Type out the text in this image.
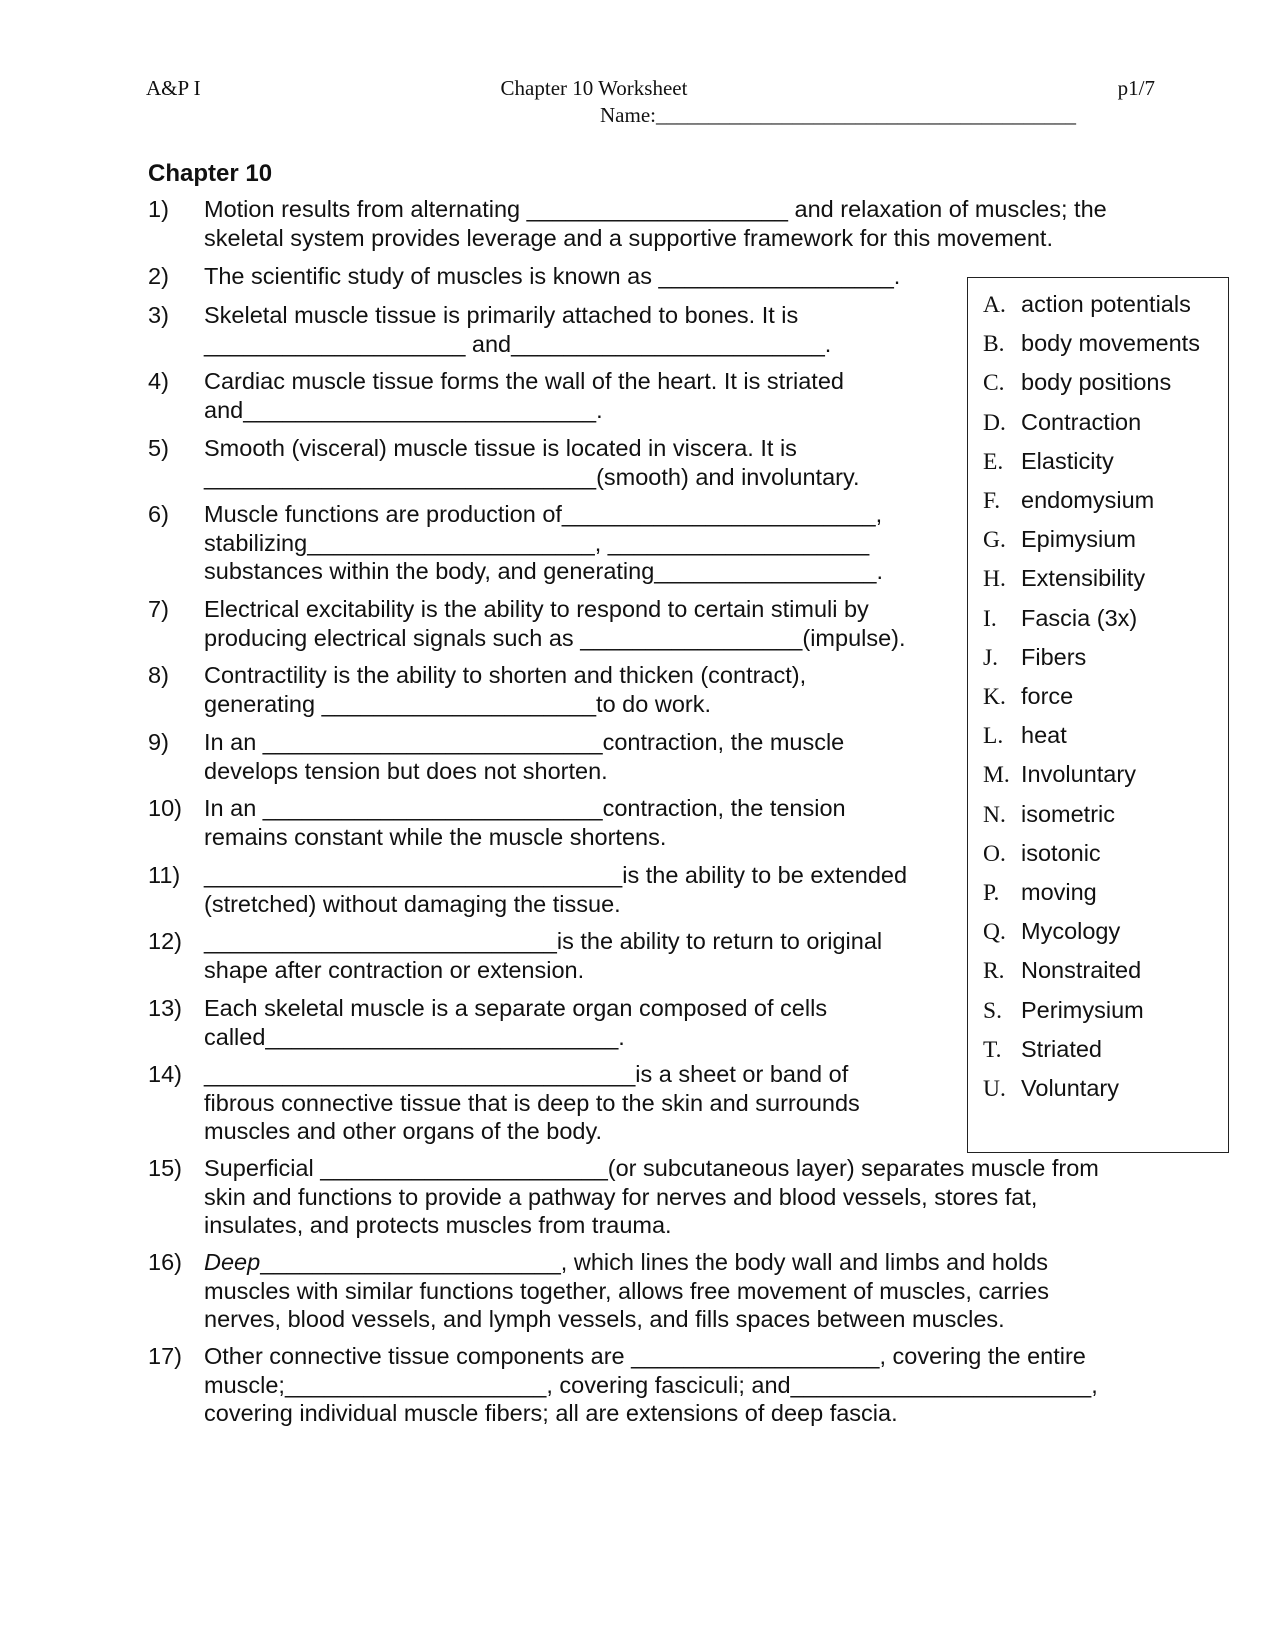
A&P I	Chapter 10 Worksheet	p1/7
Name:________________________________________
Chapter 10
1)	Motion results from alternating ____________________ and relaxation of muscles; the
skeletal system provides leverage and a supportive framework for this movement.
2)	The scientific study of muscles is known as __________________.
3)	Skeletal muscle tissue is primarily attached to bones. It is
____________________ and________________________.
4)	Cardiac muscle tissue forms the wall of the heart. It is striated
and___________________________.
5)	Smooth (visceral) muscle tissue is located in viscera. It is
______________________________(smooth) and involuntary.
6)	Muscle functions are production of________________________,
stabilizing______________________, ____________________
substances within the body, and generating_________________.
7)	Electrical excitability is the ability to respond to certain stimuli by
producing electrical signals such as _________________(impulse).
8)	Contractility is the ability to shorten and thicken (contract),
generating _____________________to do work.
9)	In an __________________________contraction, the muscle
develops tension but does not shorten.
10) In an __________________________contraction, the tension
remains constant while the muscle shortens.
11)	________________________________is the ability to be extended
(stretched) without damaging the tissue.
12) ___________________________is the ability to return to original
shape after contraction or extension.
13) Each skeletal muscle is a separate organ composed of cells
called___________________________.
14) _________________________________is a sheet or band of
fibrous connective tissue that is deep to the skin and surrounds
muscles and other organs of the body.
15) Superficial ______________________(or subcutaneous layer) separates muscle from
skin and functions to provide a pathway for nerves and blood vessels, stores fat,
insulates, and protects muscles from trauma.
16) Deep_______________________, which lines the body wall and limbs and holds
muscles with similar functions together, allows free movement of muscles, carries
nerves, blood vessels, and lymph vessels, and fills spaces between muscles.
17) Other connective tissue components are ___________________, covering the entire
muscle;____________________, covering fasciculi; and_______________________,
covering individual muscle fibers; all are extensions of deep fascia.
A. action potentials
B. body movements
C. body positions
D. Contraction
E. Elasticity
F. endomysium
G. Epimysium
H. Extensibility
I. Fascia (3x)
J. Fibers
K. force
L. heat
M. Involuntary
N. isometric
O. isotonic
P. moving
Q. Mycology
R. Nonstraited
S. Perimysium
T. Striated
U. Voluntary
